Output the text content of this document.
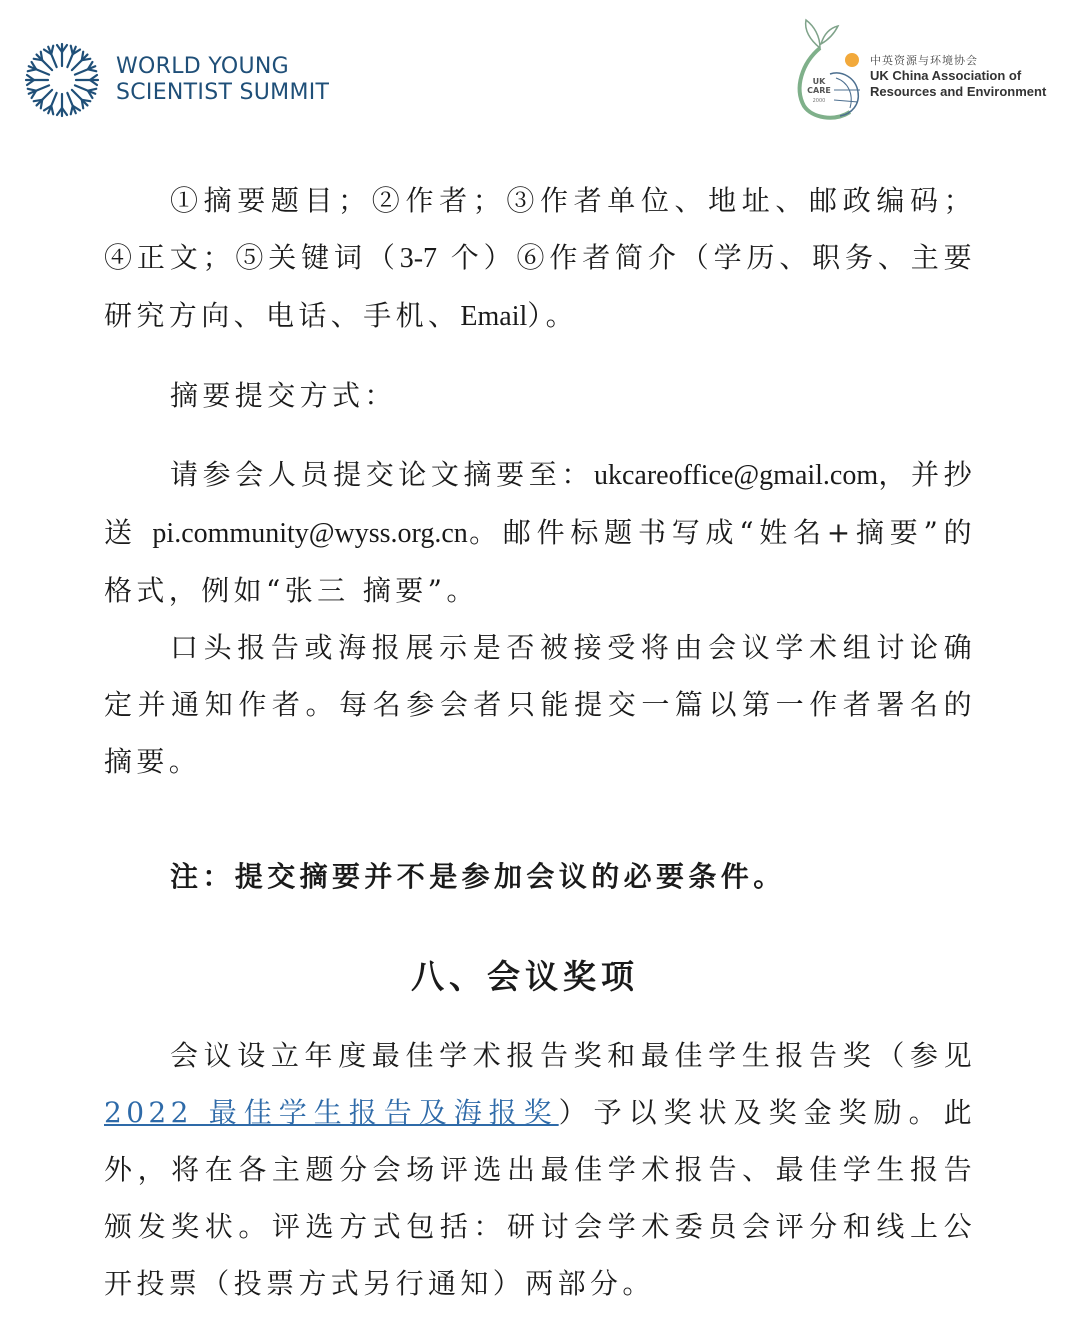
WORLD YOUNG
SCIENTIST SUMMIT	UK
CARE
2000
中英资源与环境协会
UK China Association of
Resources and Environment

①摘要题目；②作者；③作者单位、地址、邮政编码；④正文；⑤关键词（3-7 个）⑥作者简介（学历、职务、主要研究方向、电话、手机、Email）。

摘要提交方式：

请参会人员提交论文摘要至：ukcareoffice@gmail.com，并抄送 pi.community@wyss.org.cn。邮件标题书写成“姓名+摘要”的格式，例如“张三 摘要”。

口头报告或海报展示是否被接受将由会议学术组讨论确定并通知作者。每名参会者只能提交一篇以第一作者署名的摘要。

注：提交摘要并不是参加会议的必要条件。

八、会议奖项

会议设立年度最佳学术报告奖和最佳学生报告奖（参见2022 最佳学生报告及海报奖）予以奖状及奖金奖励。此外，将在各主题分会场评选出最佳学术报告、最佳学生报告颁发奖状。评选方式包括：研讨会学术委员会评分和线上公开投票（投票方式另行通知）两部分。
